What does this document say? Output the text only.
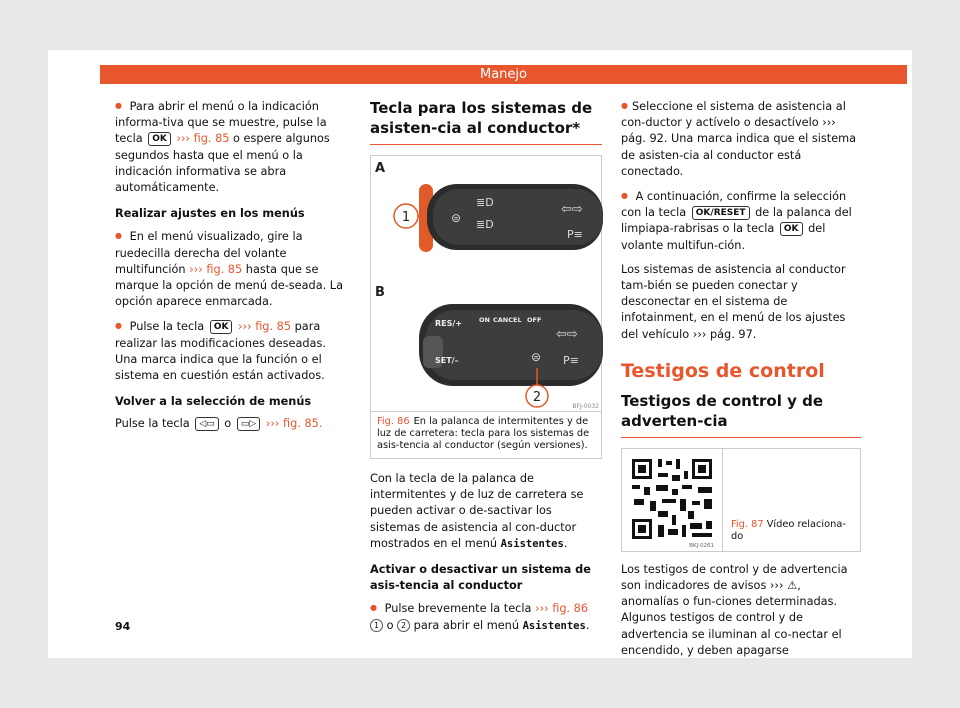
Manejo

● Para abrir el menú o la indicación informa-tiva que se muestre, pulse la tecla OK ››› fig. 85 o espere algunos segundos hasta que el menú o la indicación informativa se abra automáticamente.

Realizar ajustes en los menús

● En el menú visualizado, gire la ruedecilla derecha del volante multifunción ››› fig. 85 hasta que se marque la opción de menú de-seada. La opción aparece enmarcada.

● Pulse la tecla OK ››› fig. 85 para realizar las modificaciones deseadas. Una marca indica que la función o el sistema en cuestión están activados.

Volver a la selección de menús

Pulse la tecla ◁▭ o ▭▷ ››› fig. 85.

Tecla para los sistemas de asisten-cia al conductor*
A
1	⊜
≣D
≣D
⇦⇨
P≡
B
RES/+
SET/–
ON CANCEL OFF
⇦⇨
P≡
⊜
2
BFJ-0032
Fig. 86 En la palanca de intermitentes y de luz de carretera: tecla para los sistemas de asis-tencia al conductor (según versiones).

Con la tecla de la palanca de intermitentes y de luz de carretera se pueden activar o de-sactivar los sistemas de asistencia al con-ductor mostrados en el menú Asistentes.

Activar o desactivar un sistema de asis-tencia al conductor

● Pulse brevemente la tecla ››› fig. 86 1 o 2 para abrir el menú Asistentes.

● Seleccione el sistema de asistencia al con-ductor y actívelo o desactívelo ››› pág. 92. Una marca indica que el sistema de asisten-cia al conductor está conectado.

● A continuación, confirme la selección con la tecla OK/RESET de la palanca del limpiapa-rabrisas o la tecla OK del volante multifun-ción.

Los sistemas de asistencia al conductor tam-bién se pueden conectar y desconectar en el sistema de infotainment, en el menú de los ajustes del vehículo ››› pág. 97.

Testigos de control
Testigos de control y de adverten-cia
BKJ-0261
Fig. 87 Vídeo relaciona-do

Los testigos de control y de advertencia son indicadores de avisos ››› ⚠, anomalías o fun-ciones determinadas. Algunos testigos de control y de advertencia se iluminan al co-nectar el encendido, y deben apagarse

94
